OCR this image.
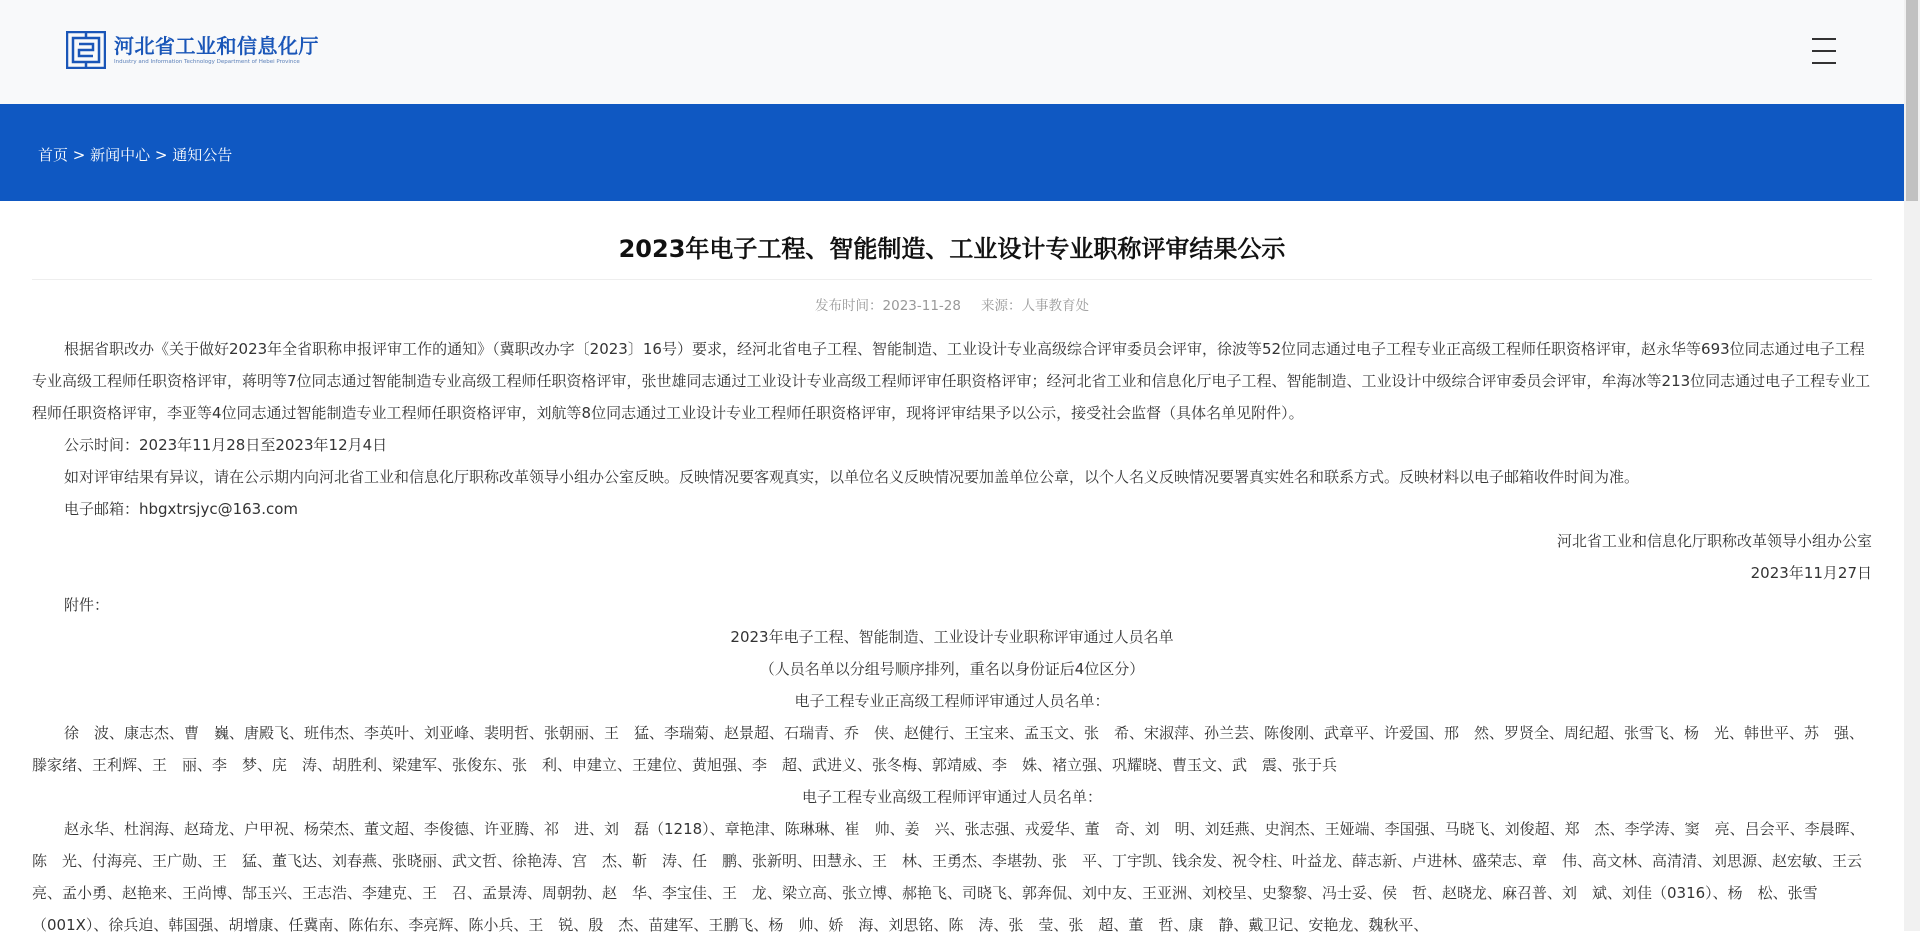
河北省工业和信息化厅
Industry and Information Technology Department of Hebei Province
首页 > 新闻中心 > 通知公告
2023年电子工程、智能制造、工业设计专业职称评审结果公示
发布时间：2023-11-28 来源：人事教育处

根据省职改办《关于做好2023年全省职称申报评审工作的通知》（冀职改办字〔2023〕16号）要求，经河北省电子工程、智能制造、工业设计专业高级综合评审委员会评审，徐波等52位同志通过电子工程专业正高级工程师任职资格评审，赵永华等693位同志通过电子工程专业高级工程师任职资格评审，蒋明等7位同志通过智能制造专业高级工程师任职资格评审，张世雄同志通过工业设计专业高级工程师评审任职资格评审；经河北省工业和信息化厅电子工程、智能制造、工业设计中级综合评审委员会评审，牟海冰等213位同志通过电子工程专业工程师任职资格评审，李亚等4位同志通过智能制造专业工程师任职资格评审，刘航等8位同志通过工业设计专业工程师任职资格评审，现将评审结果予以公示，接受社会监督（具体名单见附件）。

公示时间：2023年11月28日至2023年12月4日

如对评审结果有异议，请在公示期内向河北省工业和信息化厅职称改革领导小组办公室反映。反映情况要客观真实，以单位名义反映情况要加盖单位公章，以个人名义反映情况要署真实姓名和联系方式。反映材料以电子邮箱收件时间为准。

电子邮箱：hbgxtrsjyc@163.com

河北省工业和信息化厅职称改革领导小组办公室

2023年11月27日

附件：

2023年电子工程、智能制造、工业设计专业职称评审通过人员名单

（人员名单以分组号顺序排列，重名以身份证后4位区分）

电子工程专业正高级工程师评审通过人员名单：

徐　波、康志杰、曹　巍、唐殿飞、班伟杰、李英叶、刘亚峰、裴明哲、张朝丽、王　猛、李瑞菊、赵景超、石瑞青、乔　侠、赵健行、王宝来、孟玉文、张　希、宋淑萍、孙兰芸、陈俊刚、武章平、许爱国、邢　然、罗贤全、周纪超、张雪飞、杨　光、韩世平、苏　强、滕家绪、王利辉、王　丽、李　梦、庑　涛、胡胜利、梁建军、张俊东、张　利、申建立、王建位、黄旭强、李　超、武进义、张冬梅、郭靖威、李　姝、褚立强、巩耀晓、曹玉文、武　震、张于兵

电子工程专业高级工程师评审通过人员名单：

赵永华、杜润海、赵琦龙、户甲祝、杨荣杰、董文超、李俊德、许亚腾、祁　进、刘　磊（1218）、章艳津、陈琳琳、崔　帅、姜　兴、张志强、戎爱华、董　奇、刘　明、刘廷燕、史润杰、王娅端、李国强、马晓飞、刘俊超、郑　杰、李学涛、窦　亮、吕会平、李晨晖、陈　光、付海亮、王广勋、王　猛、董飞达、刘春燕、张晓丽、武文哲、徐艳涛、宫　杰、靳　涛、任　鹏、张新明、田慧永、王　林、王勇杰、李堪勃、张　平、丁宇凯、钱余发、祝令柱、叶益龙、薛志新、卢进林、盛荣志、章　伟、高文林、高清清、刘思源、赵宏敏、王云亮、孟小勇、赵艳来、王尚博、郜玉兴、王志浩、李建克、王　召、孟景涛、周朝勃、赵　华、李宝佳、王　龙、梁立高、张立博、郝艳飞、司晓飞、郭奔侃、刘中友、王亚洲、刘校呈、史黎黎、冯士妥、侯　哲、赵晓龙、麻召普、刘　斌、刘佳（0316）、杨　松、张雪（001X）、徐兵迫、韩国强、胡增康、任冀南、陈佑东、李亮辉、陈小兵、王　锐、殷　杰、苗建军、王鹏飞、杨　帅、娇　海、刘思铭、陈　涛、张　莹、张　超、董　哲、康　静、戴卫记、安艳龙、魏秋平、
